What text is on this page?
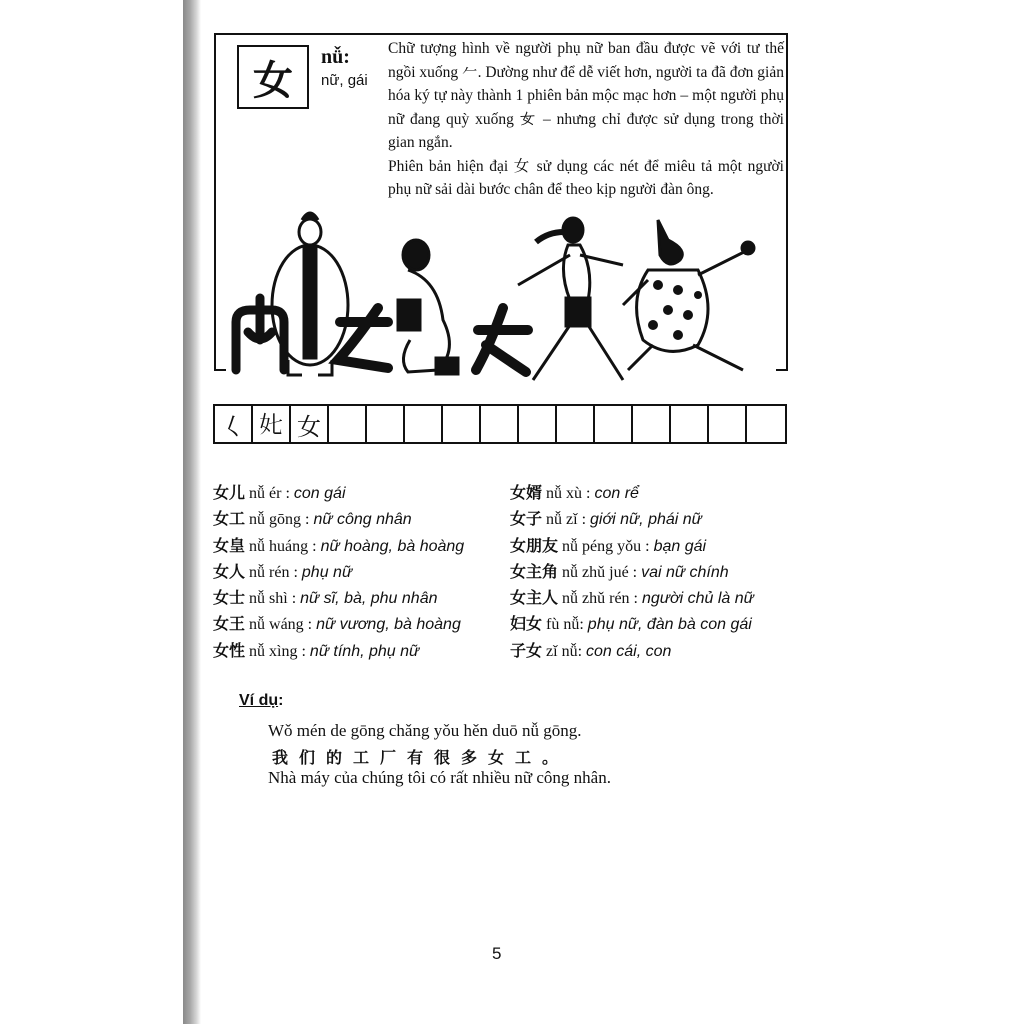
女
nǚ:
nữ, gái

Chữ tượng hình về người phụ nữ ban đầu được vẽ với tư thế ngồi xuống 𠂉. Dường như để dễ viết hơn, người ta đã đơn giản hóa ký tự này thành 1 phiên bản mộc mạc hơn – một người phụ nữ đang quỳ xuống 𡚦 – nhưng chỉ được sử dụng trong thời gian ngắn.

Phiên bản hiện đại 女 sử dụng các nét để miêu tả một người phụ nữ sải dài bước chân để theo kịp người đàn ông.

𡿨 𡚨 女
女儿 nǚ ér : con gái
女工 nǚ gōng : nữ công nhân
女皇 nǚ huáng : nữ hoàng, bà hoàng
女人 nǚ rén : phụ nữ
女士 nǚ shì : nữ sĩ, bà, phu nhân
女王 nǚ wáng : nữ vương, bà hoàng
女性 nǚ xìng : nữ tính, phụ nữ
女婿 nǚ xù : con rể
女子 nǚ zǐ : giới nữ, phái nữ
女朋友 nǚ péng yǒu : bạn gái
女主角 nǚ zhǔ jué : vai nữ chính
女主人 nǚ zhǔ rén : người chủ là nữ
妇女 fù nǚ: phụ nữ, đàn bà con gái
子女 zǐ nǚ: con cái, con
Ví dụ:
Wǒ mén de gōng chǎng yǒu hěn duō nǚ gōng.
我们的工厂有很多女工。
Nhà máy của chúng tôi có rất nhiều nữ công nhân.
5
